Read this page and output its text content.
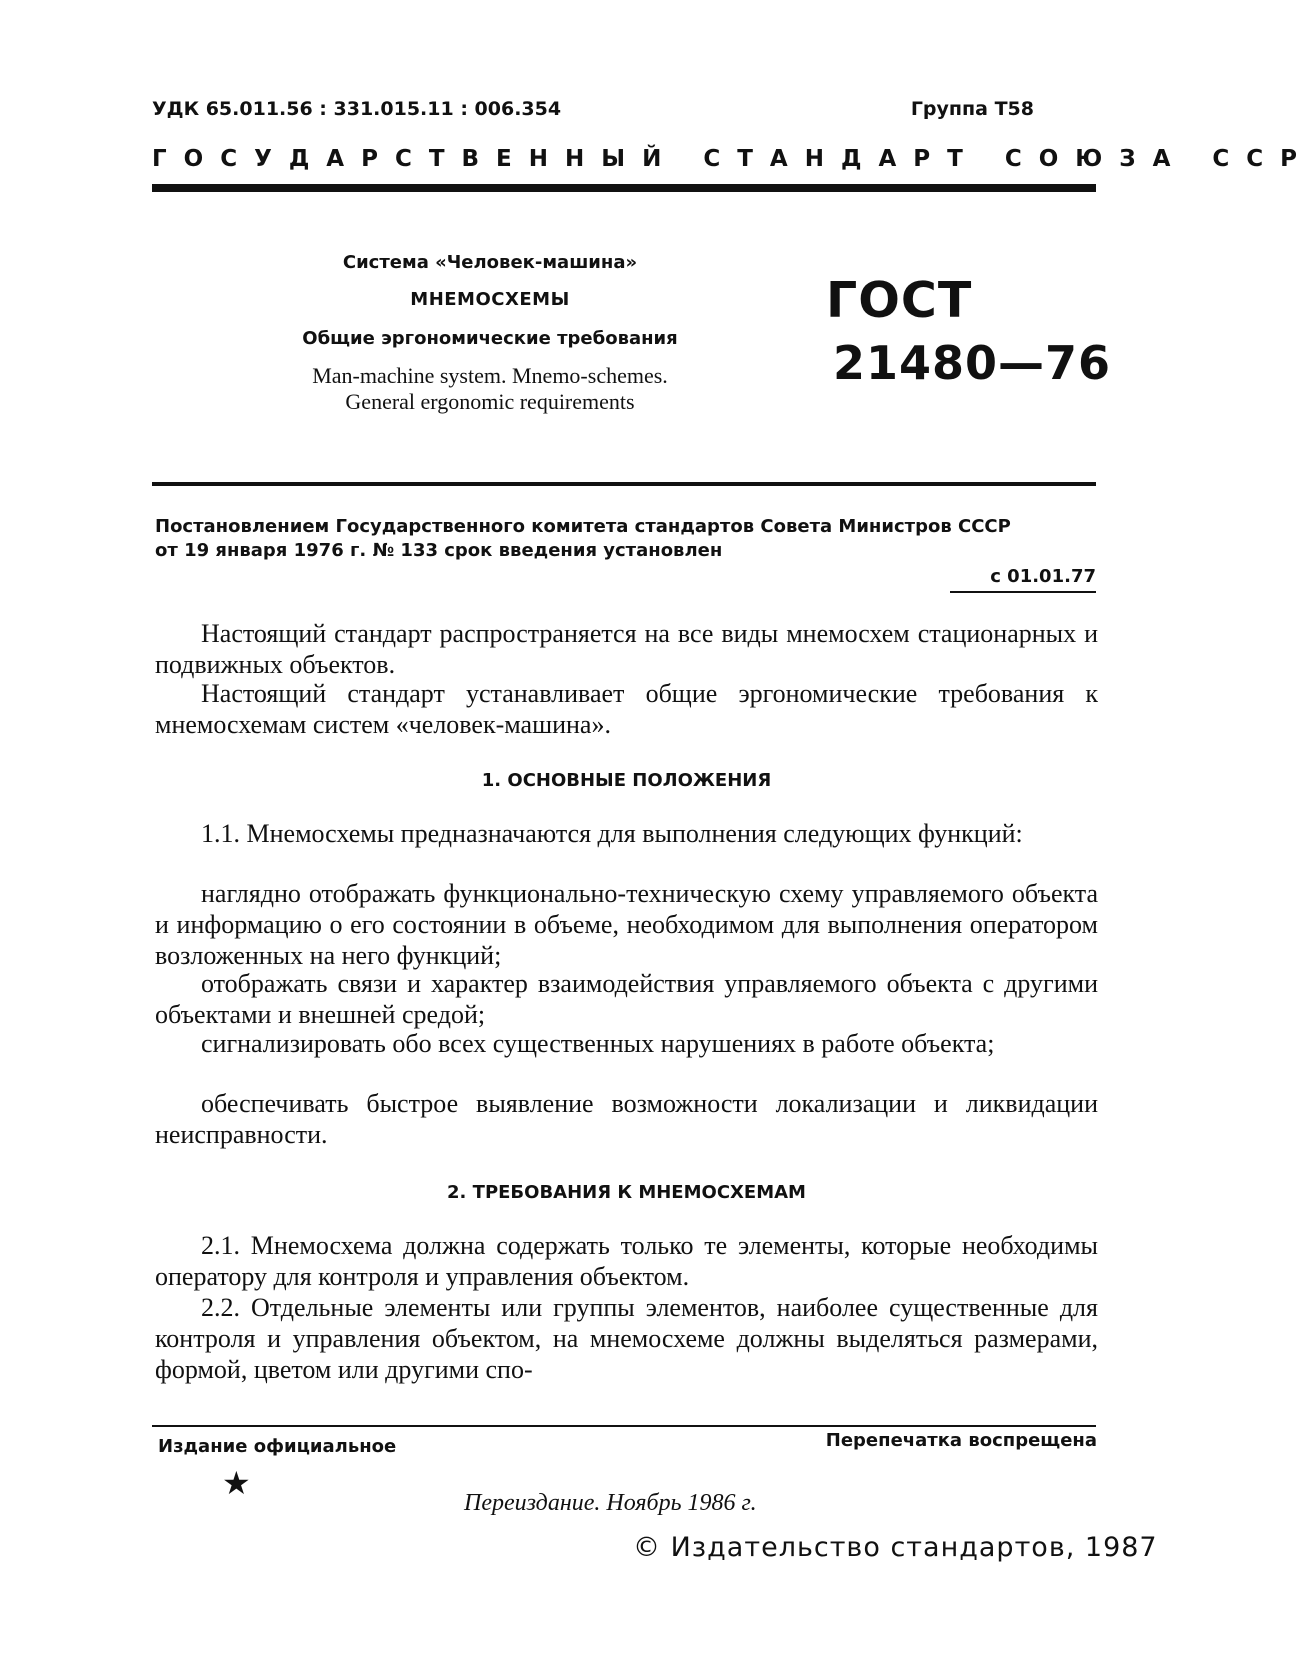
УДК 65.011.56 : 331.015.11 : 006.354	Группа Т58
ГОСУДАРСТВЕННЫЙ СТАНДАРТ СОЮЗА ССР
Система «Человек-машина»
МНЕМОСХЕМЫ
Общие эргономические требования
Man-machine system. Mnemo-schemes.
General ergonomic requirements
ГОСТ
21480—76
Постановлением Государственного комитета стандартов Совета Министров СССР
от 19 января 1976 г. № 133 срок введения установлен
с 01.01.77
Настоящий стандарт распространяется на все виды мнемосхем стационарных и подвижных объектов.
Настоящий стандарт устанавливает общие эргономические требования к мнемосхемам систем «человек-машина».
1. ОСНОВНЫЕ ПОЛОЖЕНИЯ
1.1. Мнемосхемы предназначаются для выполнения следующих функций:
наглядно отображать функционально-техническую схему управляемого объекта и информацию о его состоянии в объеме, необходимом для выполнения оператором возложенных на него функций;
отображать связи и характер взаимодействия управляемого объекта с другими объектами и внешней средой;
сигнализировать обо всех существенных нарушениях в работе объекта;
обеспечивать быстрое выявление возможности локализации и ликвидации неисправности.
2. ТРЕБОВАНИЯ К МНЕМОСХЕМАМ
2.1. Мнемосхема должна содержать только те элементы, которые необходимы оператору для контроля и управления объектом.
2.2. Отдельные элементы или группы элементов, наиболее существенные для контроля и управления объектом, на мнемосхеме должны выделяться размерами, формой, цветом или другими спо-
Издание официальное	Перепечатка воспрещена
★
Переиздание. Ноябрь 1986 г.
© Издательство стандартов, 1987
